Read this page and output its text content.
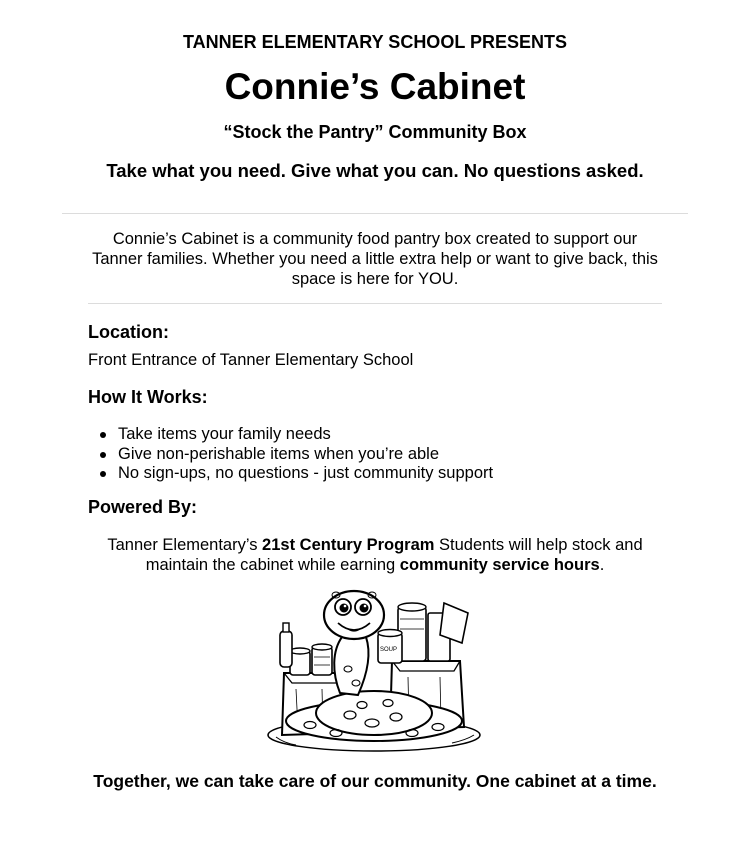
TANNER ELEMENTARY SCHOOL PRESENTS
Connie’s Cabinet
“Stock the Pantry” Community Box
Take what you need. Give what you can. No questions asked.
Connie’s Cabinet is a community food pantry box created to support our Tanner families. Whether you need a little extra help or want to give back, this space is here for YOU.
Location:
Front Entrance of Tanner Elementary School
How It Works:
Take items your family needs
Give non-perishable items when you’re able
No sign-ups, no questions - just community support
Powered By:
Tanner Elementary’s 21st Century Program Students will help stock and maintain the cabinet while earning community service hours.
SOUP
Together, we can take care of our community. One cabinet at a time.
